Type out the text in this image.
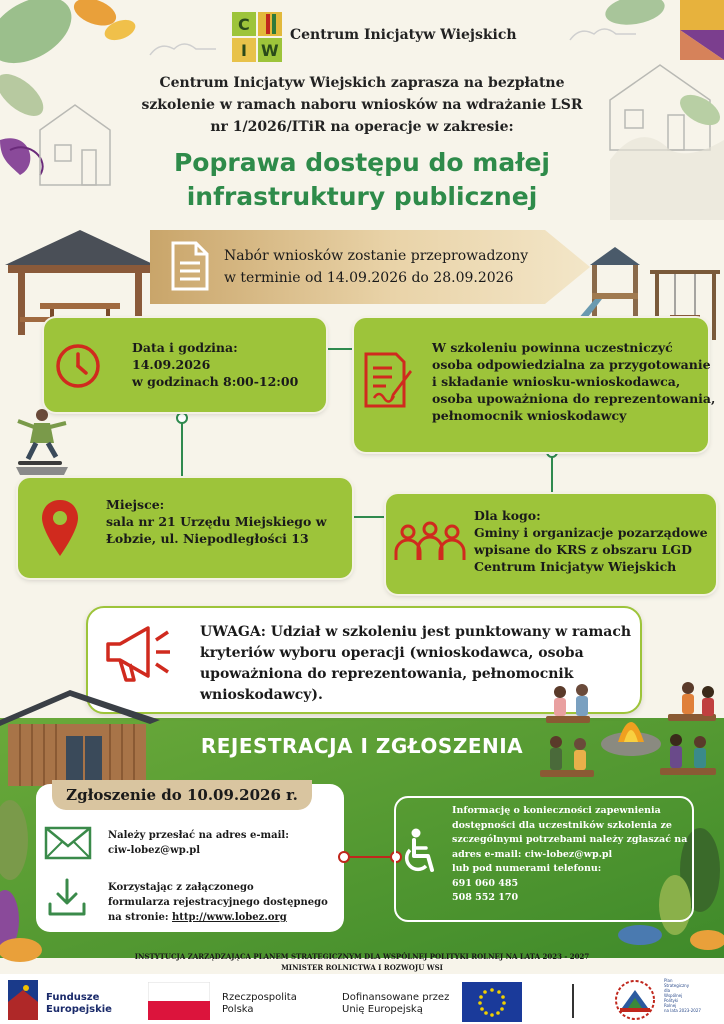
C
I W
Centrum Inicjatyw Wiejskich
Centrum Inicjatyw Wiejskich zaprasza na bezpłatne
szkolenie w ramach naboru wniosków na wdrażanie LSR
nr 1/2026/ITiR na operacje w zakresie:
Poprawa dostępu do małej
infrastruktury publicznej
Nabór wniosków zostanie przeprowadzony
w terminie od 14.09.2026 do 28.09.2026
Data i godzina:
14.09.2026
w godzinach 8:00-12:00
W szkoleniu powinna uczestniczyć
osoba odpowiedzialna za przygotowanie
i składanie wniosku-wnioskodawca,
osoba upoważniona do reprezentowania,
pełnomocnik wnioskodawcy
Miejsce:
sala nr 21 Urzędu Miejskiego w
Łobzie, ul. Niepodległości 13
Dla kogo:
Gminy i organizacje pozarządowe
wpisane do KRS z obszaru LGD
Centrum Inicjatyw Wiejskich
UWAGA: Udział w szkoleniu jest punktowany w ramach
kryteriów wyboru operacji (wnioskodawca, osoba
upoważniona do reprezentowania, pełnomocnik
wnioskodawcy).
REJESTRACJA I ZGŁOSZENIA
Zgłoszenie do 10.09.2026 r.
Należy przesłać na adres e-mail:
ciw-lobez@wp.pl
Korzystając z załączonego
formularza rejestracyjnego dostępnego
na stronie: http://www.lobez.org
Informację o konieczności zapewnienia
dostępności dla uczestników szkolenia ze
szczególnymi potrzebami należy zgłaszać na
adres e-mail: ciw-lobez@wp.pl
lub pod numerami telefonu:
691 060 485
508 552 170
INSTYTUCJA ZARZĄDZAJĄCA PLANEM STRATEGICZNYM DLA WSPÓLNEJ POLITYKI ROLNEJ NA LATA 2023 - 2027
MINISTER ROLNICTWA I ROZWOJU WSI
Fundusze
Europejskie
Rzeczpospolita
Polska
Dofinansowane przez
Unię Europejską
Plan
Strategiczny
dla
Wspólnej
Polityki
Rolnej
na lata 2023-2027
